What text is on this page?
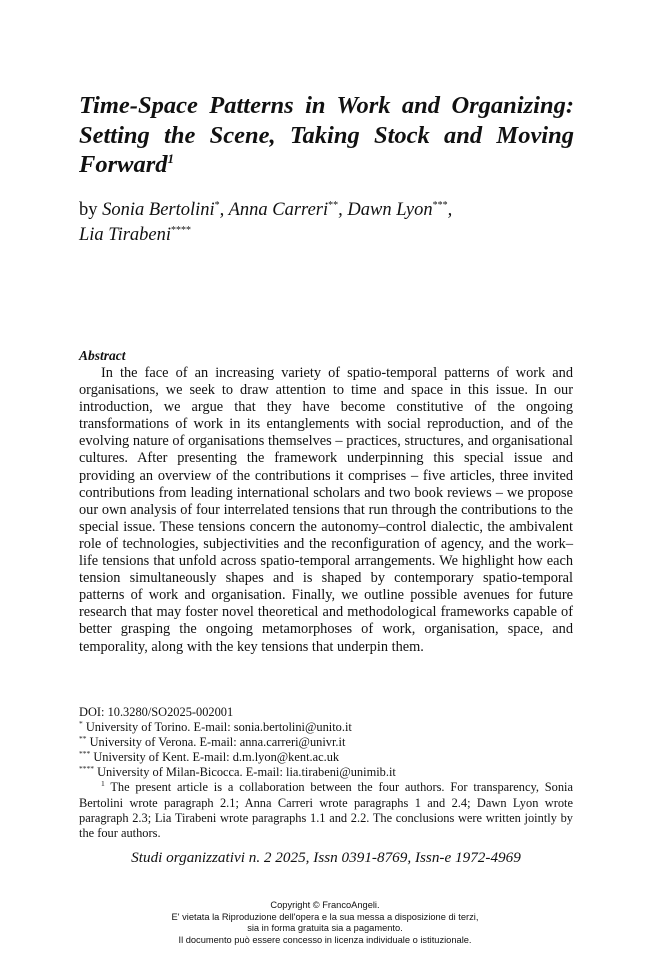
Time-Space Patterns in Work and Organizing: Setting the Scene, Taking Stock and Moving Forward$^1$

by Sonia Bertolini*, Anna Carreri**, Dawn Lyon***,
Lia Tirabeni****

Abstract

In the face of an increasing variety of spatio-temporal patterns of work and organisations, we seek to draw attention to time and space in this issue. In our introduction, we argue that they have become constitutive of the ongoing transformations of work in its entanglements with social reproduction, and of the evolving nature of organisations themselves – practices, structures, and organisational cultures. After presenting the framework underpinning this special issue and providing an overview of the contributions it comprises – five articles, three invited contributions from leading international scholars and two book reviews – we propose our own analysis of four interrelated tensions that run through the contributions to the special issue. These tensions concern the autonomy–control dialectic, the ambivalent role of technologies, subjectivities and the reconfiguration of agency, and the work–life tensions that unfold across spatio-temporal arrangements. We highlight how each tension simultaneously shapes and is shaped by contemporary spatio-temporal patterns of work and organisation. Finally, we outline possible avenues for future research that may foster novel theoretical and methodological frameworks capable of better grasping the ongoing metamorphoses of work, organisation, space, and temporality, along with the key tensions that underpin them.

DOI: 10.3280/SO2025-002001

* University of Torino. E-mail: sonia.bertolini@unito.it

** University of Verona. E-mail: anna.carreri@univr.it

*** University of Kent. E-mail: d.m.lyon@kent.ac.uk

**** University of Milan-Bicocca. E-mail: lia.tirabeni@unimib.it

$^1$ The present article is a collaboration between the four authors. For transparency, Sonia Bertolini wrote paragraph 2.1; Anna Carreri wrote paragraphs 1 and 2.4; Dawn Lyon wrote paragraph 2.3; Lia Tirabeni wrote paragraphs 1.1 and 2.2. The conclusions were written jointly by the four authors.

Studi organizzativi n. 2 2025, Issn 0391-8769, Issn-e 1972-4969

Copyright © FrancoAngeli.
E' vietata la Riproduzione dell'opera e la sua messa a disposizione di terzi,
sia in forma gratuita sia a pagamento.
Il documento può essere concesso in licenza individuale o istituzionale.
